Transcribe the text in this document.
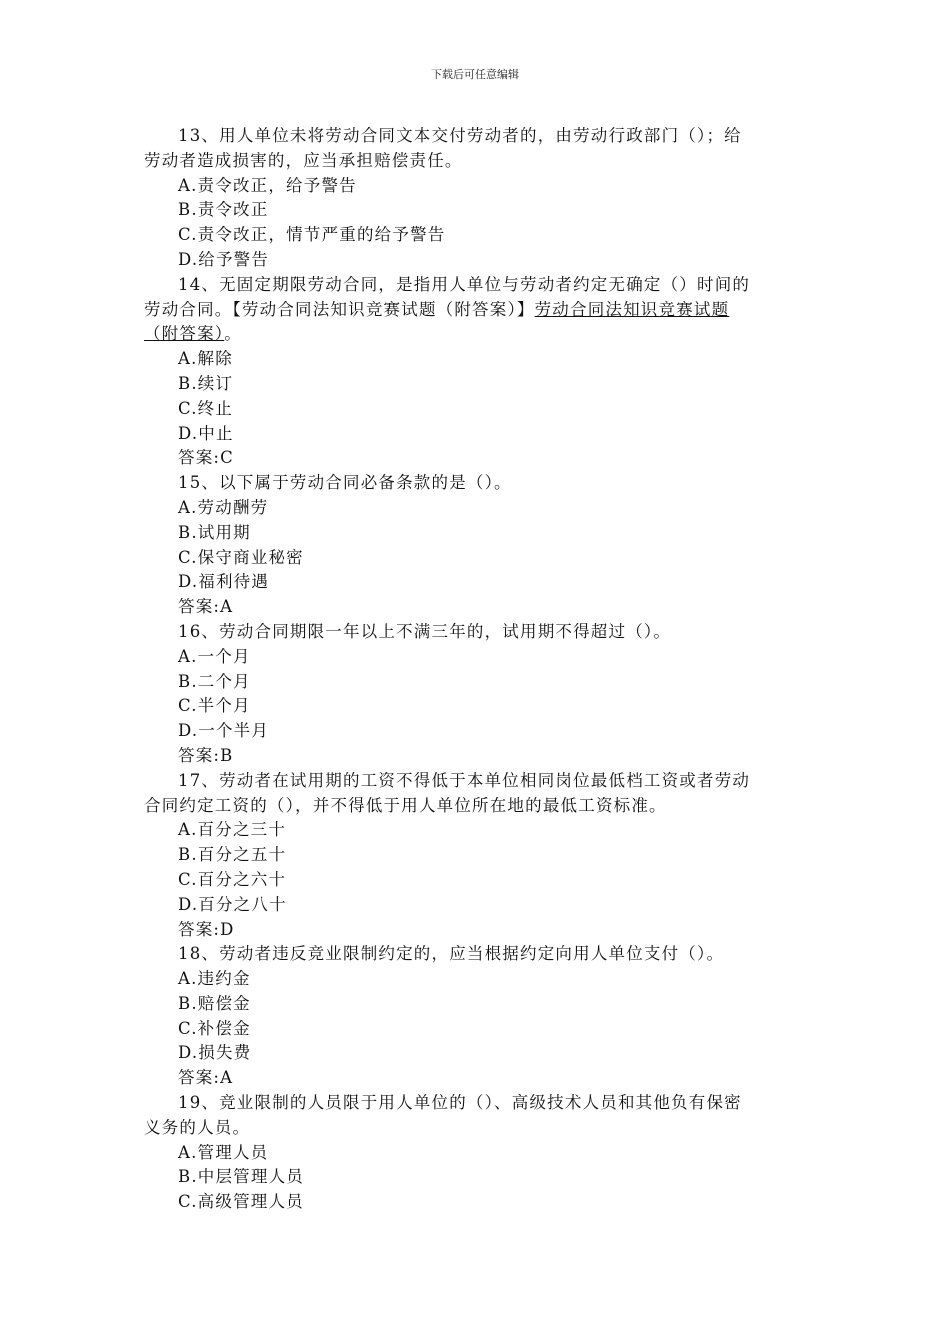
下载后可任意编辑
13、用人单位未将劳动合同文本交付劳动者的，由劳动行政部门（）；给
劳动者造成损害的，应当承担赔偿责任。
A.责令改正，给予警告
B.责令改正
C.责令改正，情节严重的给予警告
D.给予警告
14、无固定期限劳动合同，是指用人单位与劳动者约定无确定（）时间的
劳动合同。【劳动合同法知识竞赛试题（附答案）】劳动合同法知识竞赛试题
（附答案）。
A.解除
B.续订
C.终止
D.中止
答案:C
15、以下属于劳动合同必备条款的是（）。
A.劳动酬劳
B.试用期
C.保守商业秘密
D.福利待遇
答案:A
16、劳动合同期限一年以上不满三年的，试用期不得超过（）。
A.一个月
B.二个月
C.半个月
D.一个半月
答案:B
17、劳动者在试用期的工资不得低于本单位相同岗位最低档工资或者劳动
合同约定工资的（），并不得低于用人单位所在地的最低工资标准。
A.百分之三十
B.百分之五十
C.百分之六十
D.百分之八十
答案:D
18、劳动者违反竞业限制约定的，应当根据约定向用人单位支付（）。
A.违约金
B.赔偿金
C.补偿金
D.损失费
答案:A
19、竞业限制的人员限于用人单位的（）、高级技术人员和其他负有保密
义务的人员。
A.管理人员
B.中层管理人员
C.高级管理人员
